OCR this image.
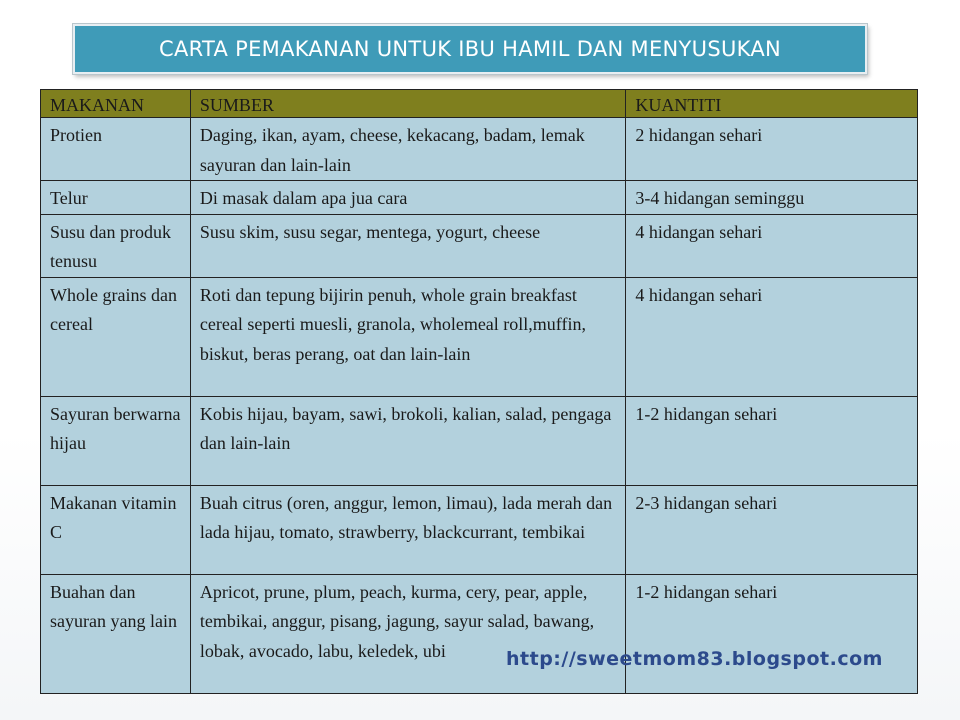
CARTA PEMAKANAN UNTUK IBU HAMIL DAN MENYUSUKAN
MAKANAN	SUMBER	KUANTITI
Protien	Daging, ikan, ayam, cheese, kekacang, badam, lemak sayuran dan lain-lain	2 hidangan sehari
Telur	Di masak dalam apa jua cara	3-4 hidangan seminggu
Susu dan produk tenusu	Susu skim, susu segar, mentega, yogurt, cheese	4 hidangan sehari
Whole grains dan cereal	Roti dan tepung bijirin penuh, whole grain breakfast cereal seperti muesli, granola, wholemeal roll,muffin, biskut, beras perang, oat dan lain-lain	4 hidangan sehari
Sayuran berwarna hijau	Kobis hijau, bayam, sawi, brokoli, kalian, salad, pengaga dan lain-lain	1-2 hidangan sehari
Makanan vitamin C	Buah citrus (oren, anggur, lemon, limau), lada merah dan lada hijau, tomato, strawberry, blackcurrant, tembikai	2-3 hidangan sehari
Buahan dan sayuran yang lain	Apricot, prune, plum, peach, kurma, cery, pear, apple, tembikai, anggur, pisang, jagung, sayur salad, bawang, lobak, avocado, labu, keledek, ubi	1-2 hidangan sehari
http://sweetmom83.blogspot.com
